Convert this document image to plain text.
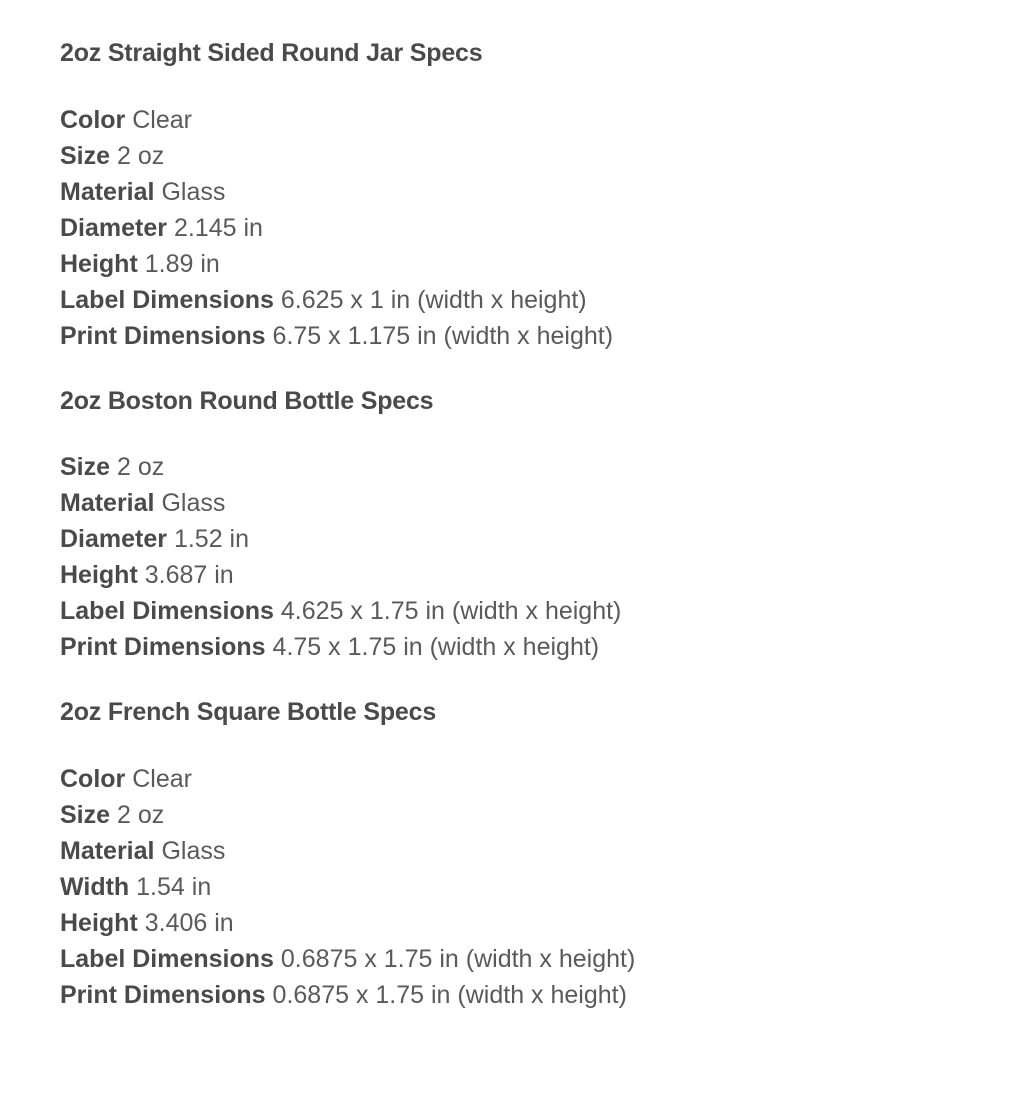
2oz Straight Sided Round Jar Specs
Color Clear
Size 2 oz
Material Glass
Diameter 2.145 in
Height 1.89 in
Label Dimensions 6.625 x 1 in (width x height)
Print Dimensions 6.75 x 1.175 in (width x height)
2oz Boston Round Bottle Specs
Size 2 oz
Material Glass
Diameter 1.52 in
Height 3.687 in
Label Dimensions 4.625 x 1.75 in (width x height)
Print Dimensions 4.75 x 1.75 in (width x height)
2oz French Square Bottle Specs
Color Clear
Size 2 oz
Material Glass
Width 1.54 in
Height 3.406 in
Label Dimensions 0.6875 x 1.75 in (width x height)
Print Dimensions 0.6875 x 1.75 in (width x height)
